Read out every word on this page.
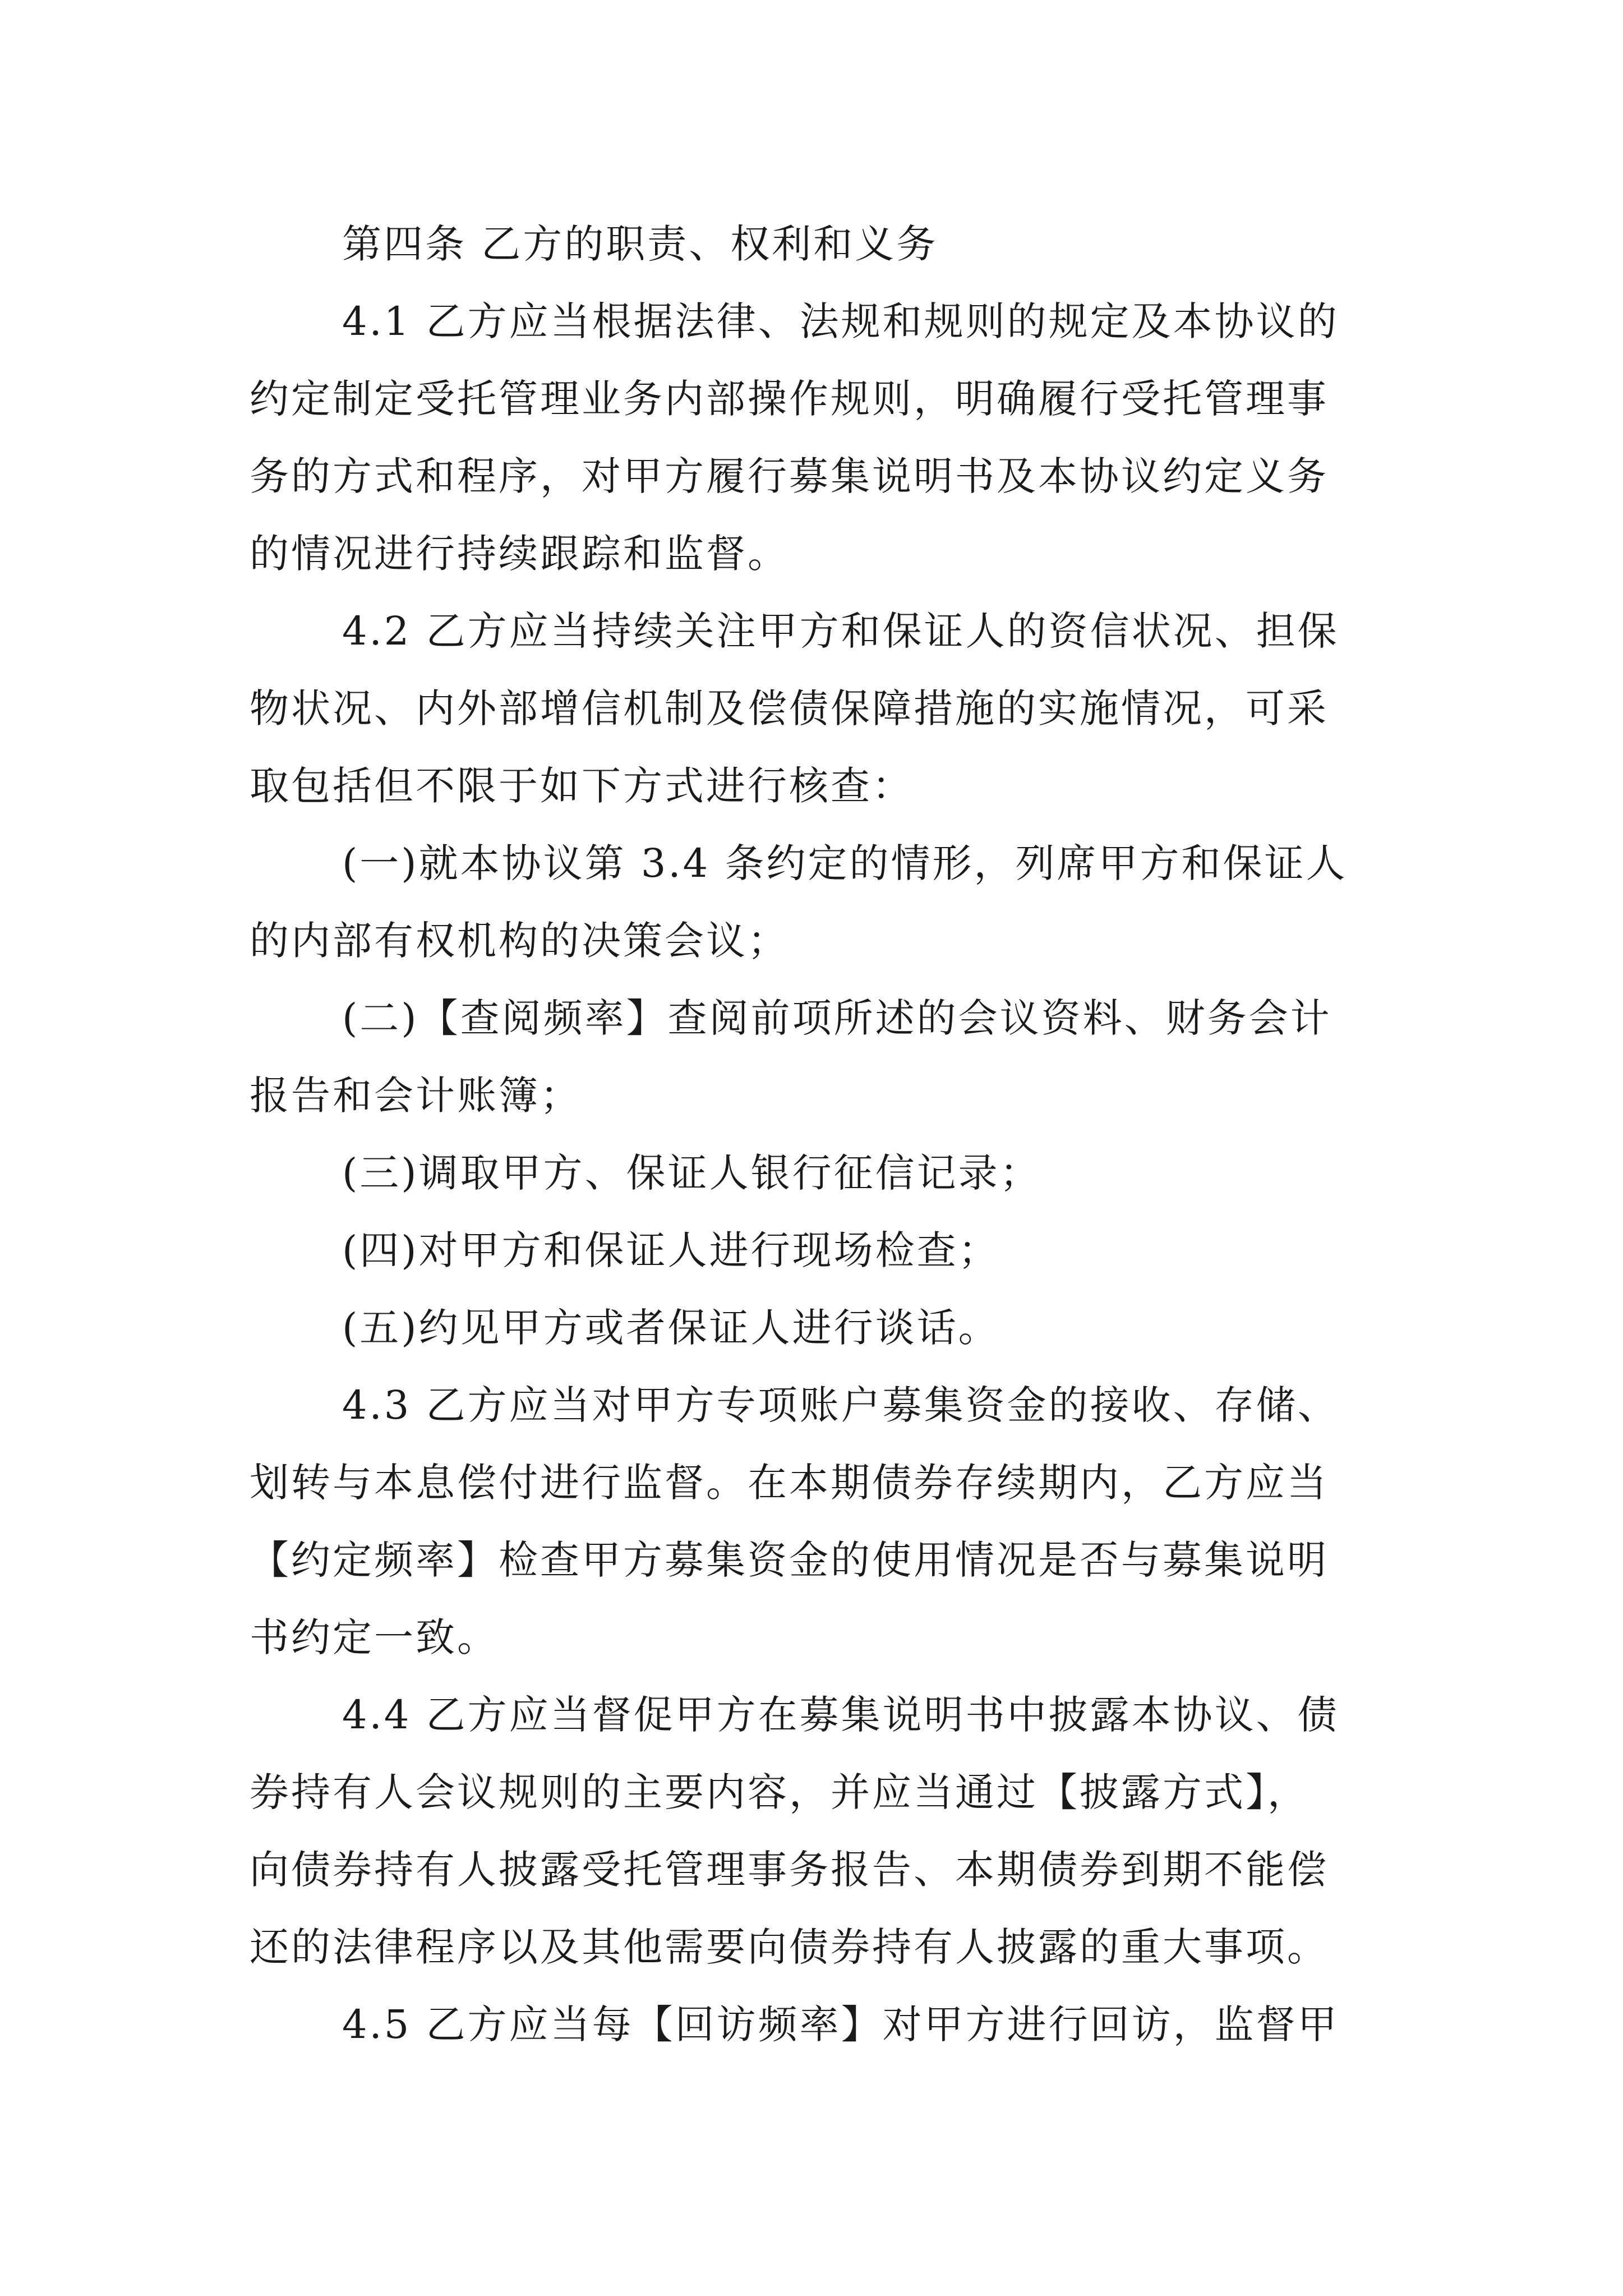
第四条 乙方的职责、权利和义务

4.1 乙方应当根据法律、法规和规则的规定及本协议的

约定制定受托管理业务内部操作规则，明确履行受托管理事

务的方式和程序，对甲方履行募集说明书及本协议约定义务

的情况进行持续跟踪和监督。

4.2 乙方应当持续关注甲方和保证人的资信状况、担保

物状况、内外部增信机制及偿债保障措施的实施情况，可采

取包括但不限于如下方式进行核查：

(一)就本协议第 3.4 条约定的情形，列席甲方和保证人

的内部有权机构的决策会议；

(二)【查阅频率】查阅前项所述的会议资料、财务会计

报告和会计账簿；

(三)调取甲方、保证人银行征信记录；

(四)对甲方和保证人进行现场检查；

(五)约见甲方或者保证人进行谈话。

4.3 乙方应当对甲方专项账户募集资金的接收、存储、

划转与本息偿付进行监督。在本期债券存续期内，乙方应当

【约定频率】检查甲方募集资金的使用情况是否与募集说明

书约定一致。

4.4 乙方应当督促甲方在募集说明书中披露本协议、债

券持有人会议规则的主要内容，并应当通过【披露方式】，

向债券持有人披露受托管理事务报告、本期债券到期不能偿

还的法律程序以及其他需要向债券持有人披露的重大事项。

4.5 乙方应当每【回访频率】对甲方进行回访，监督甲
